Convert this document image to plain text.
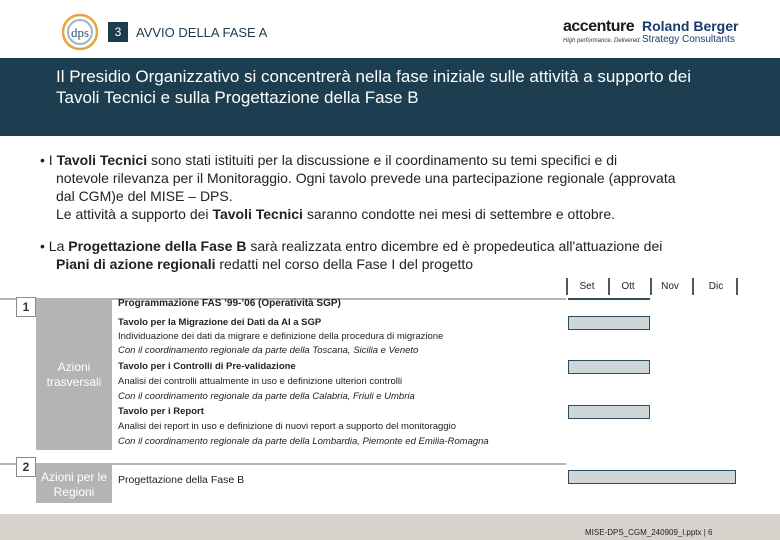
dps	3	AVVIO DELLA FASE A	accenture
High performance. Delivered.
Roland Berger
Strategy Consultants
Il Presidio Organizzativo si concentrerà nella fase iniziale sulle attività a supporto dei Tavoli Tecnici e sulla Progettazione della Fase B
• I Tavoli Tecnici sono stati istituiti per la discussione e il coordinamento su temi specifici e di
notevole rilevanza per il Monitoraggio. Ogni tavolo prevede una partecipazione regionale (approvata
dal CGM)e del MISE – DPS.
Le attività a supporto dei Tavoli Tecnici saranno condotte nei mesi di settembre e ottobre.
• La Progettazione della Fase B sarà realizzata entro dicembre ed è propedeutica all'attuazione dei
Piani di azione regionali redatti nel corso della Fase I del progetto
Set	Ott	Nov	Dic
1	Programmazione FAS ’99-’06 (Operatività SGP)
Azioni trasversali
Tavolo per la Migrazione dei Dati da AI a SGP
Individuazione dei dati da migrare e definizione della procedura di migrazione
Con il coordinamento regionale da parte della Toscana, Sicilia e Veneto
Tavolo per i Controlli di Pre-validazione
Analisi dei controlli attualmente in uso e definizione ulteriori controlli
Con il coordinamento regionale da parte della Calabria, Friuli e Umbria
Tavolo per i Report
Analisi dei report in uso e definizione di nuovi report a supporto del monitoraggio
Con il coordinamento regionale da parte della Lombardia, Piemonte ed Emilia-Romagna
2
Azioni per le Regioni
Progettazione della Fase B
MISE-DPS_CGM_240909_l.pptx | 6
